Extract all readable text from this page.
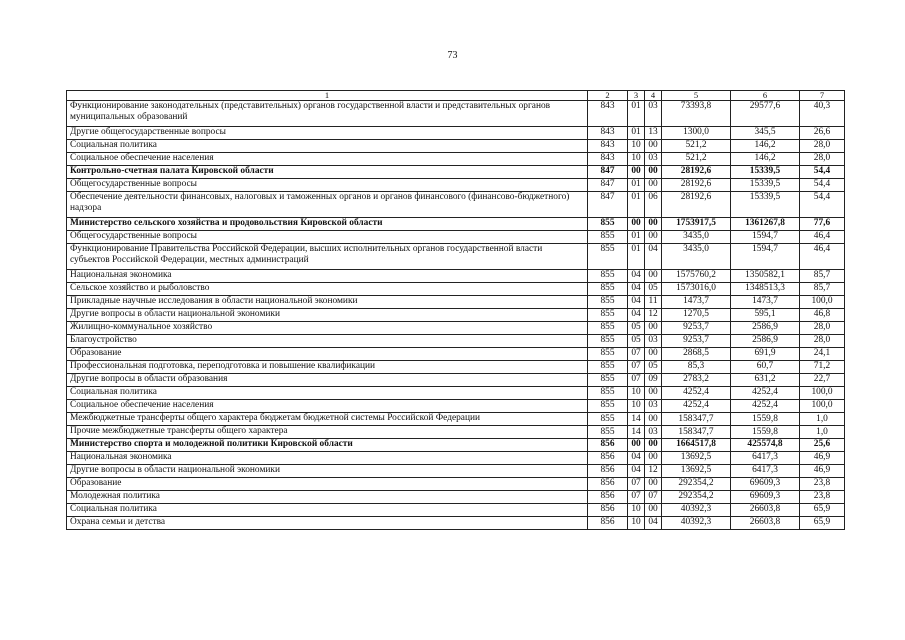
73
1	2	3	4	5	6	7
Функционирование законодательных (представительных) органов государственной власти и представительных органов муниципальных образований	843	01	03	73393,8	29577,6	40,3
Другие общегосударственные вопросы	843	01	13	1300,0	345,5	26,6
Социальная политика	843	10	00	521,2	146,2	28,0
Социальное обеспечение населения	843	10	03	521,2	146,2	28,0
Контрольно-счетная палата Кировской области	847	00	00	28192,6	15339,5	54,4
Общегосударственные вопросы	847	01	00	28192,6	15339,5	54,4
Обеспечение деятельности финансовых, налоговых и таможенных органов и органов финансового (финансово-бюджетного) надзора	847	01	06	28192,6	15339,5	54,4
Министерство сельского хозяйства и продовольствия Кировской области	855	00	00	1753917,5	1361267,8	77,6
Общегосударственные вопросы	855	01	00	3435,0	1594,7	46,4
Функционирование Правительства Российской Федерации, высших исполнительных органов государственной власти субъектов Российской Федерации, местных администраций	855	01	04	3435,0	1594,7	46,4
Национальная экономика	855	04	00	1575760,2	1350582,1	85,7
Сельское хозяйство и рыболовство	855	04	05	1573016,0	1348513,3	85,7
Прикладные научные исследования в области национальной экономики	855	04	11	1473,7	1473,7	100,0
Другие вопросы в области национальной экономики	855	04	12	1270,5	595,1	46,8
Жилищно-коммунальное хозяйство	855	05	00	9253,7	2586,9	28,0
Благоустройство	855	05	03	9253,7	2586,9	28,0
Образование	855	07	00	2868,5	691,9	24,1
Профессиональная подготовка, переподготовка и повышение квалификации	855	07	05	85,3	60,7	71,2
Другие вопросы в области образования	855	07	09	2783,2	631,2	22,7
Социальная политика	855	10	00	4252,4	4252,4	100,0
Социальное обеспечение населения	855	10	03	4252,4	4252,4	100,0
Межбюджетные трансферты общего характера бюджетам бюджетной системы Российской Федерации	855	14	00	158347,7	1559,8	1,0
Прочие межбюджетные трансферты общего характера	855	14	03	158347,7	1559,8	1,0
Министерство спорта и молодежной политики Кировской области	856	00	00	1664517,8	425574,8	25,6
Национальная экономика	856	04	00	13692,5	6417,3	46,9
Другие вопросы в области национальной экономики	856	04	12	13692,5	6417,3	46,9
Образование	856	07	00	292354,2	69609,3	23,8
Молодежная политика	856	07	07	292354,2	69609,3	23,8
Социальная политика	856	10	00	40392,3	26603,8	65,9
Охрана семьи и детства	856	10	04	40392,3	26603,8	65,9
